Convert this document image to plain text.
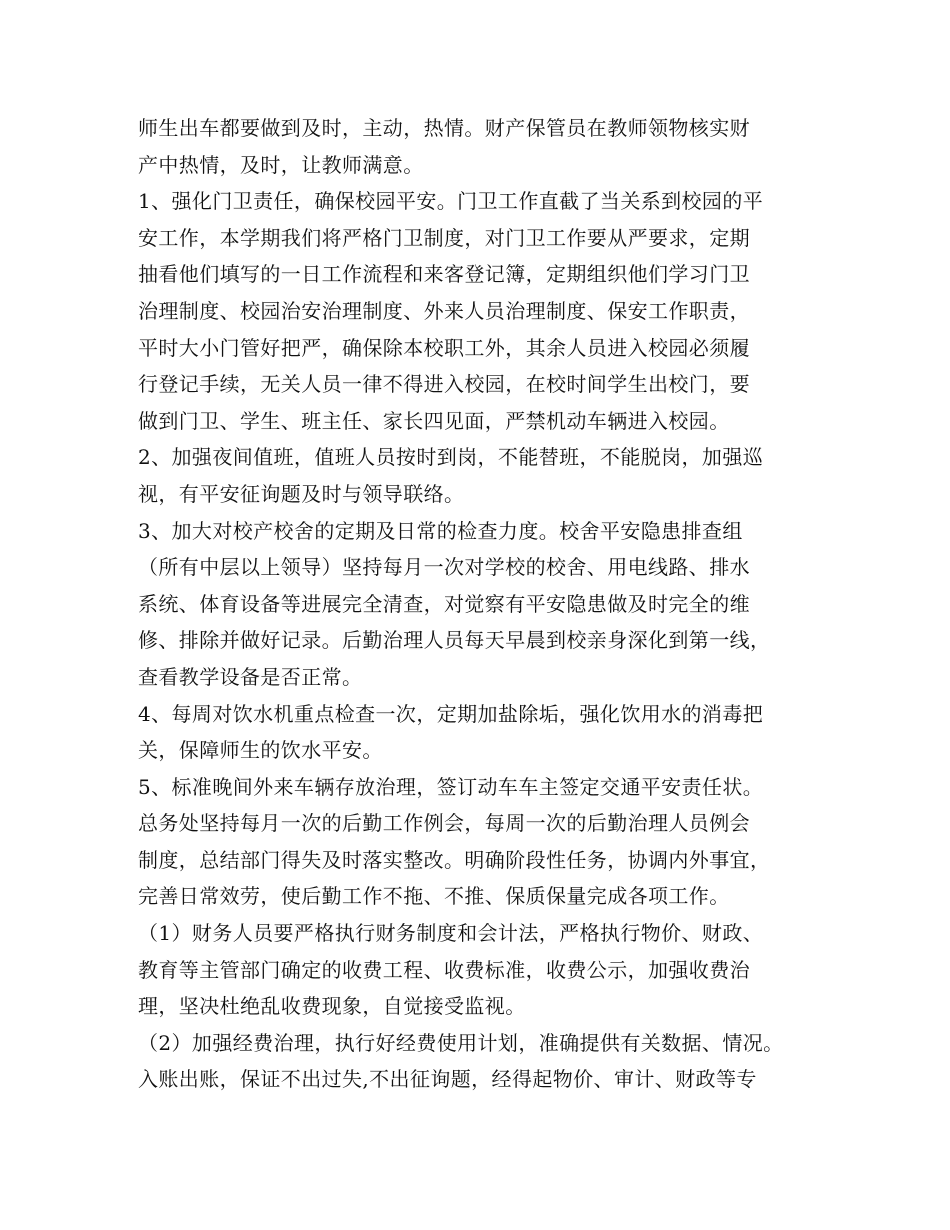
师生出车都要做到及时，主动，热情。财产保管员在教师领物核实财
产中热情，及时，让教师满意。
1、强化门卫责任，确保校园平安。门卫工作直截了当关系到校园的平
安工作，本学期我们将严格门卫制度，对门卫工作要从严要求，定期
抽看他们填写的一日工作流程和来客登记簿，定期组织他们学习门卫
治理制度、校园治安治理制度、外来人员治理制度、保安工作职责，
平时大小门管好把严，确保除本校职工外，其余人员进入校园必须履
行登记手续，无关人员一律不得进入校园，在校时间学生出校门，要
做到门卫、学生、班主任、家长四见面，严禁机动车辆进入校园。
2、加强夜间值班，值班人员按时到岗，不能替班，不能脱岗，加强巡
视，有平安征询题及时与领导联络。
3、加大对校产校舍的定期及日常的检查力度。校舍平安隐患排查组
（所有中层以上领导）坚持每月一次对学校的校舍、用电线路、排水
系统、体育设备等进展完全清查，对觉察有平安隐患做及时完全的维
修、排除并做好记录。后勤治理人员每天早晨到校亲身深化到第一线，
查看教学设备是否正常。
4、每周对饮水机重点检查一次，定期加盐除垢，强化饮用水的消毒把
关，保障师生的饮水平安。
5、标准晚间外来车辆存放治理，签订动车车主签定交通平安责任状。
总务处坚持每月一次的后勤工作例会，每周一次的后勤治理人员例会
制度，总结部门得失及时落实整改。明确阶段性任务，协调内外事宜，
完善日常效劳，使后勤工作不拖、不推、保质保量完成各项工作。
（1）财务人员要严格执行财务制度和会计法，严格执行物价、财政、
教育等主管部门确定的收费工程、收费标准，收费公示，加强收费治
理，坚决杜绝乱收费现象，自觉接受监视。
（2）加强经费治理，执行好经费使用计划，准确提供有关数据、情况。
入账出账，保证不出过失,不出征询题，经得起物价、审计、财政等专
